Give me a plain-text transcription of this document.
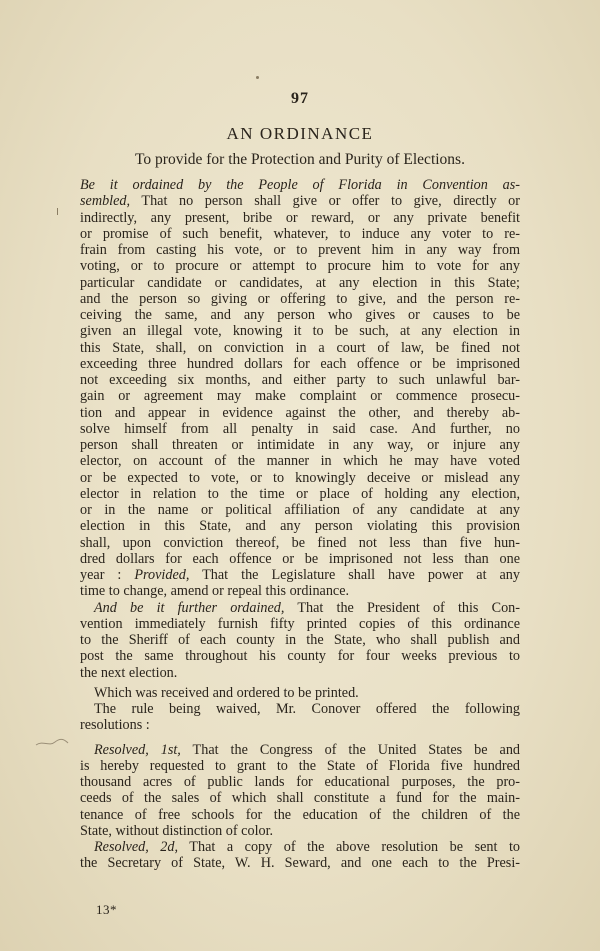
97
AN ORDINANCE
To provide for the Protection and Purity of Elections.
Be it ordained by the People of Florida in Convention as-
sembled, That no person shall give or offer to give, directly or
indirectly, any present, bribe or reward, or any private benefit
or promise of such benefit, whatever, to induce any voter to re-
frain from casting his vote, or to prevent him in any way from
voting, or to procure or attempt to procure him to vote for any
particular candidate or candidates, at any election in this State;
and the person so giving or offering to give, and the person re-
ceiving the same, and any person who gives or causes to be
given an illegal vote, knowing it to be such, at any election in
this State, shall, on conviction in a court of law, be fined not
exceeding three hundred dollars for each offence or be imprisoned
not exceeding six months, and either party to such unlawful bar-
gain or agreement may make complaint or commence prosecu-
tion and appear in evidence against the other, and thereby ab-
solve himself from all penalty in said case. And further, no
person shall threaten or intimidate in any way, or injure any
elector, on account of the manner in which he may have voted
or be expected to vote, or to knowingly deceive or mislead any
elector in relation to the time or place of holding any election,
or in the name or political affiliation of any candidate at any
election in this State, and any person violating this provision
shall, upon conviction thereof, be fined not less than five hun-
dred dollars for each offence or be imprisoned not less than one
year : Provided, That the Legislature shall have power at any
time to change, amend or repeal this ordinance.
And be it further ordained, That the President of this Con-
vention immediately furnish fifty printed copies of this ordinance
to the Sheriff of each county in the State, who shall publish and
post the same throughout his county for four weeks previous to
the next election.
Which was received and ordered to be printed.
The rule being waived, Mr. Conover offered the following
resolutions :
Resolved, 1st, That the Congress of the United States be and
is hereby requested to grant to the State of Florida five hundred
thousand acres of public lands for educational purposes, the pro-
ceeds of the sales of which shall constitute a fund for the main-
tenance of free schools for the education of the children of the
State, without distinction of color.
Resolved, 2d, That a copy of the above resolution be sent to
the Secretary of State, W. H. Seward, and one each to the Presi-
13*
